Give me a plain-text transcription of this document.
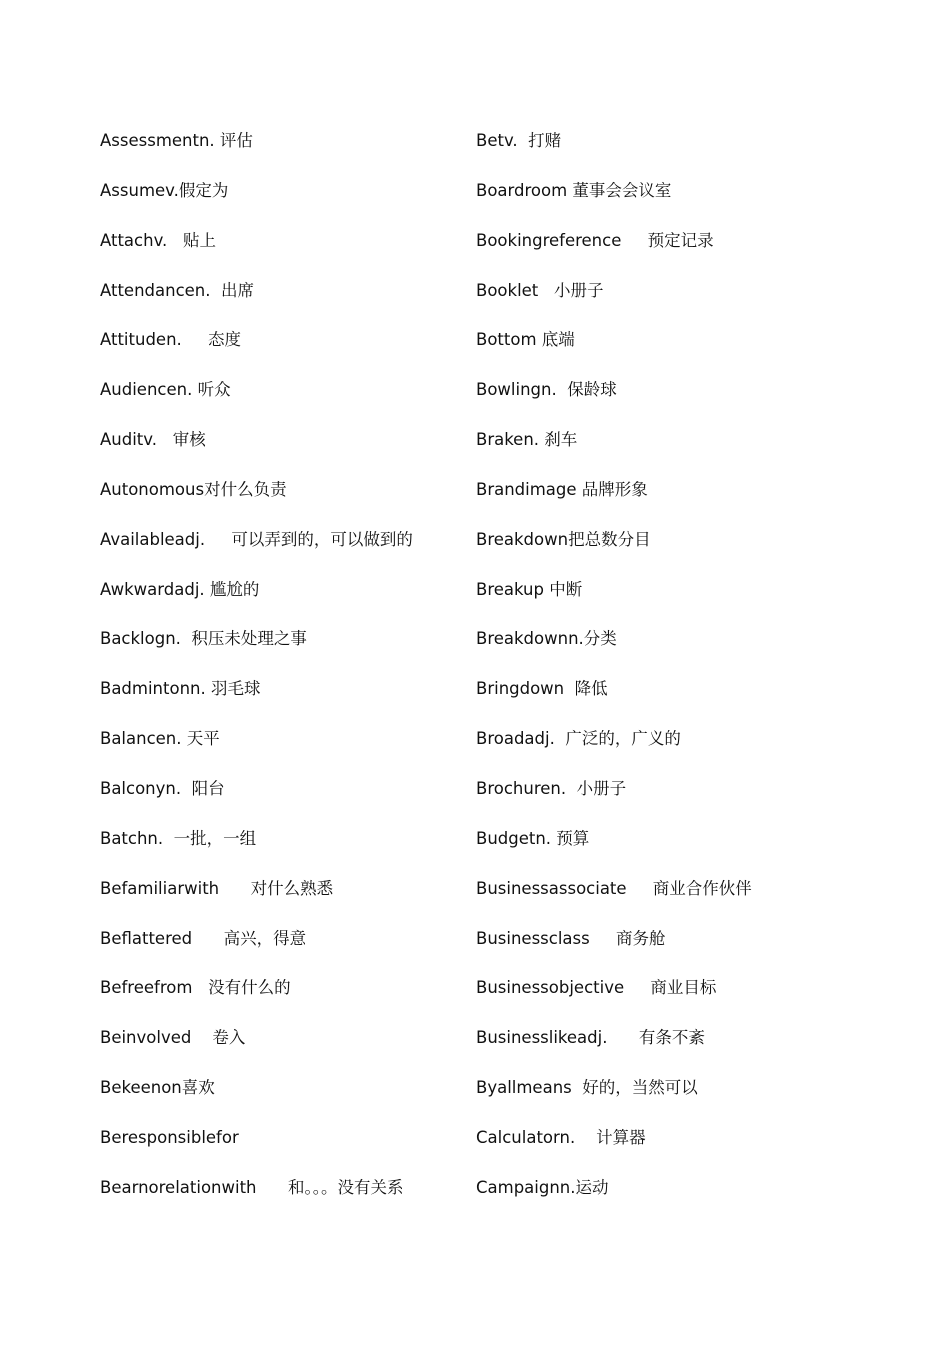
Assessmentn. 评估
Assumev.假定为
Attachv.   贴上
Attendancen.  出席
Attituden.     态度
Audiencen. 听众
Auditv.   审核
Autonomous对什么负责
Availableadj.     可以弄到的，可以做到的
Awkwardadj. 尴尬的
Backlogn.  积压未处理之事
Badmintonn. 羽毛球
Balancen. 天平
Balconyn.  阳台
Batchn.  一批，一组
Befamiliarwith      对什么熟悉
Beflattered      高兴，得意
Befreefrom   没有什么的
Beinvolved    卷入
Bekeenon喜欢
Beresponsiblefor
Bearnorelationwith      和。。。没有关系
Betv.  打赌
Boardroom 董事会会议室
Bookingreference     预定记录
Booklet   小册子
Bottom 底端
Bowlingn.  保龄球
Braken. 刹车
Brandimage 品牌形象
Breakdown把总数分目
Breakup 中断
Breakdownn.分类
Bringdown  降低
Broadadj.  广泛的，广义的
Brochuren.  小册子
Budgetn. 预算
Businessassociate     商业合作伙伴
Businessclass     商务舱
Businessobjective     商业目标
Businesslikeadj.      有条不紊
Byallmeans  好的，当然可以
Calculatorn.    计算器
Campaignn.运动
